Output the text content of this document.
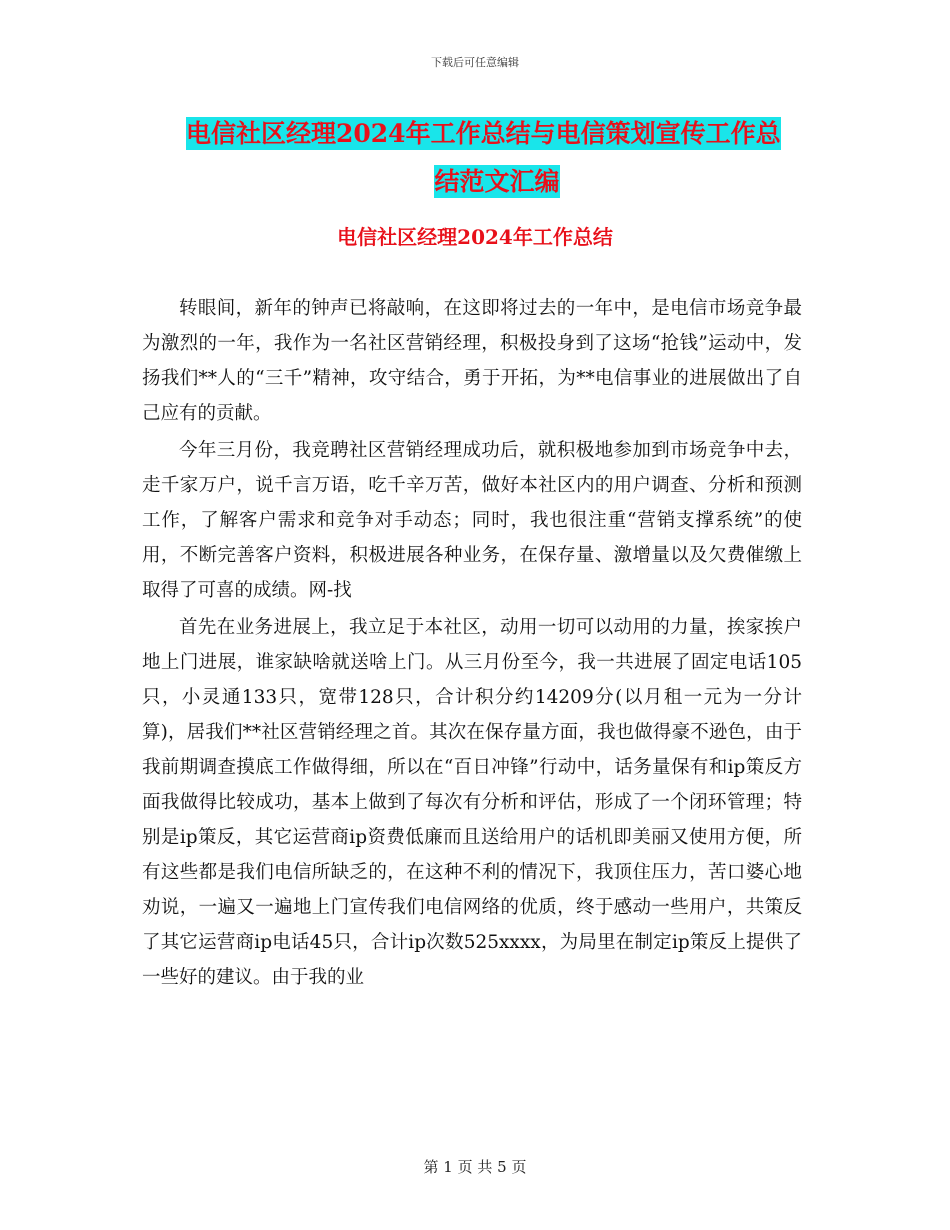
下载后可任意编辑
电信社区经理2024年工作总结与电信策划宣传工作总
结范文汇编
电信社区经理2024年工作总结

转眼间，新年的钟声已将敲响，在这即将过去的一年中，是电信市场竞争最为激烈的一年，我作为一名社区营销经理，积极投身到了这场“抢钱”运动中，发扬我们**人的“三千”精神，攻守结合，勇于开拓，为**电信事业的进展做出了自己应有的贡献。

今年三月份，我竞聘社区营销经理成功后，就积极地参加到市场竞争中去，走千家万户，说千言万语，吃千辛万苦，做好本社区内的用户调查、分析和预测工作，了解客户需求和竞争对手动态；同时，我也很注重“营销支撑系统”的使用，不断完善客户资料，积极进展各种业务，在保存量、激增量以及欠费催缴上取得了可喜的成绩。网-找

首先在业务进展上，我立足于本社区，动用一切可以动用的力量，挨家挨户地上门进展，谁家缺啥就送啥上门。从三月份至今，我一共进展了固定电话105只，小灵通133只，宽带128只，合计积分约14209分(以月租一元为一分计算)，居我们**社区营销经理之首。其次在保存量方面，我也做得豪不逊色，由于我前期调查摸底工作做得细，所以在“百日冲锋”行动中，话务量保有和ip策反方面我做得比较成功，基本上做到了每次有分析和评估，形成了一个闭环管理；特别是ip策反，其它运营商ip资费低廉而且送给用户的话机即美丽又使用方便，所有这些都是我们电信所缺乏的，在这种不利的情况下，我顶住压力，苦口婆心地劝说，一遍又一遍地上门宣传我们电信网络的优质，终于感动一些用户，共策反了其它运营商ip电话45只，合计ip次数525xxxx，为局里在制定ip策反上提供了一些好的建议。由于我的业

第 1 页 共 5 页
